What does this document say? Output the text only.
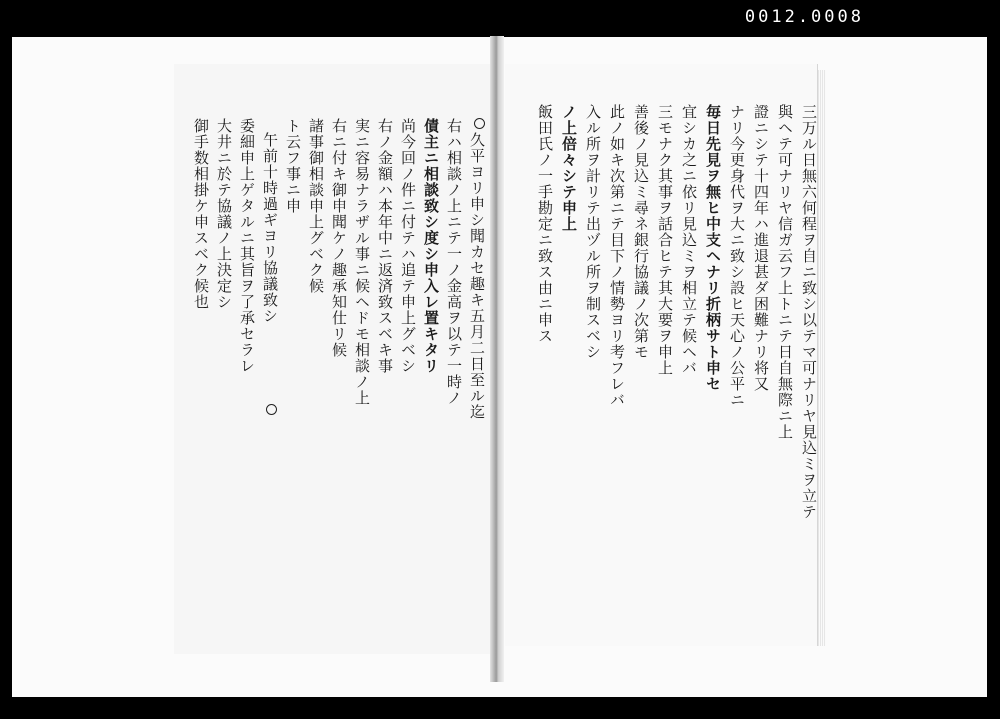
0012.0008
三万ル日無六何程ヲ自ニ致シ以テマ可ナリヤ見込ミヲ立テ
與ヘテ可ナリヤ信ガ云フ上トニテ日自無際ニ上
證ニシテ十四年ハ進退甚ダ困難ナリ将又
ナリ今更身代ヲ大ニ致シ設ヒ天心ノ公平ニ
毎日先見ヲ無ヒ中支ヘナリ折柄サト申セ
宜シカ之ニ依リ見込ミヲ相立テ候ヘバ
三モナク其事ヲ話合ヒテ其大要ヲ申上
善後ノ見込ミ尋ネ銀行協議ノ次第モ
此ノ如キ次第ニテ目下ノ情勢ヨリ考フレバ
入ル所ヲ計リテ出ヅル所ヲ制スベシ
ノ上倍々シテ申上
飯田氏ノ一手勘定ニ致ス由ニ申ス
久平ヨリ申シ聞カセ趣キ五月二日至ル迄
右ハ相談ノ上ニテ一ノ金高ヲ以テ一時ノ
債主ニ相談致シ度シ申入レ置キタリ
尚今回ノ件ニ付テハ追テ申上グベシ
右ノ金額ハ本年中ニ返済致スベキ事
実ニ容易ナラザル事ニ候ヘドモ相談ノ上
右ニ付キ御申聞ケノ趣承知仕リ候
諸事御相談申上グベク候
ト云フ事ニ申
午前十時過ギヨリ協議致シ
委細申上ゲタルニ其旨ヲ了承セラレ
大井ニ於テ協議ノ上決定シ
御手数相掛ケ申スベク候也
